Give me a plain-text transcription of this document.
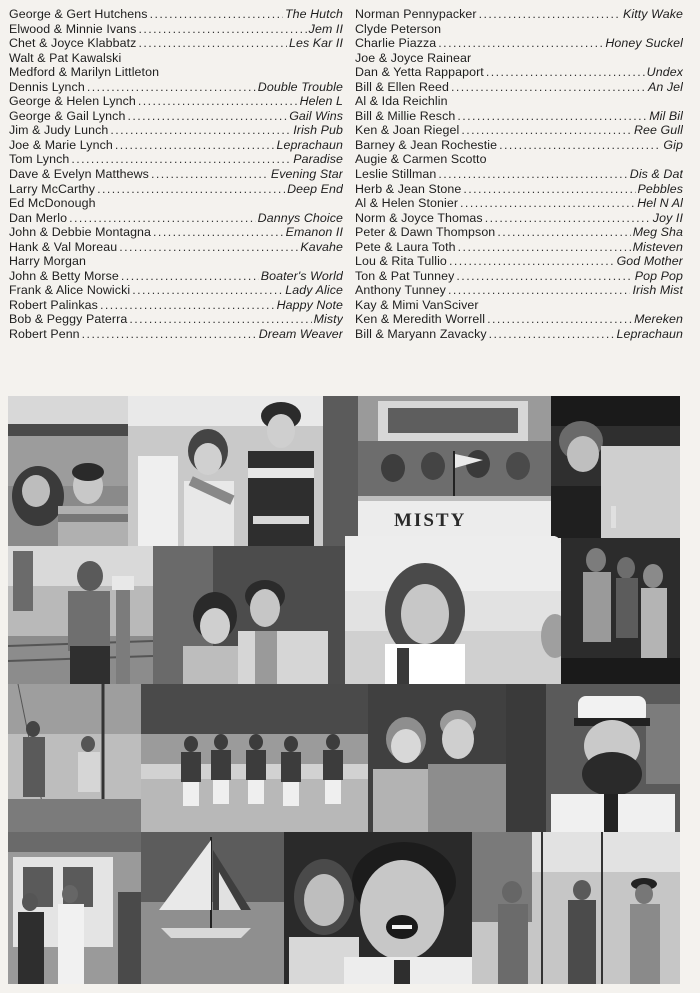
George & Gert Hutchens . . .	The Hutch
Elwood & Minnie Ivans . . .	Jem II
Chet & Joyce Klabbatz . . .	Les Kar II
Walt & Pat Kawalski
Medford & Marilyn Littleton
Dennis Lynch . . .	Double Trouble
George & Helen Lynch . . .	Helen L
George & Gail Lynch . . .	Gail Wins
Jim & Judy Lunch . . .	Irish Pub
Joe & Marie Lynch . . .	Leprachaun
Tom Lynch . . .	Paradise
Dave & Evelyn Matthews . . .	Evening Star
Larry McCarthy . . .	Deep End
Ed McDonough
Dan Merlo . . .	Dannys Choice
John & Debbie Montagna . . .	Emanon II
Hank & Val Moreau . . .	Kavahe
Harry Morgan
John & Betty Morse . . .	Boater's World
Frank & Alice Nowicki . . .	Lady Alice
Robert Palinkas . . .	Happy Note
Bob & Peggy Paterra . . .	Misty
Robert Penn . . .	Dream Weaver
Norman Pennypacker . . .	Kitty Wake
Clyde Peterson
Charlie Piazza . . .	Honey Suckel
Joe & Joyce Rainear
Dan & Yetta Rappaport . . .	Undex
Bill & Ellen Reed . . .	An Jel
Al & Ida Reichlin
Bill & Millie Resch . . .	Mil Bil
Ken & Joan Riegel . . .	Ree Gull
Barney & Jean Rochestie . . .	Gip
Augie & Carmen Scotto
Leslie Stillman . . .	Dis & Dat
Herb & Jean Stone . . .	Pebbles
Al & Helen Stonier . . .	Hel N Al
Norm & Joyce Thomas . . .	Joy II
Peter & Dawn Thompson . . .	Meg Sha
Pete & Laura Toth . . .	Misteven
Lou & Rita Tullio . . .	God Mother
Ton & Pat Tunney . . .	Pop Pop
Anthony Tunney . . .	Irish Mist
Kay & Mimi VanSciver
Ken & Meredith Worrell . . .	Mereken
Bill & Maryann Zavacky . . .	Leprachaun
MISTY
